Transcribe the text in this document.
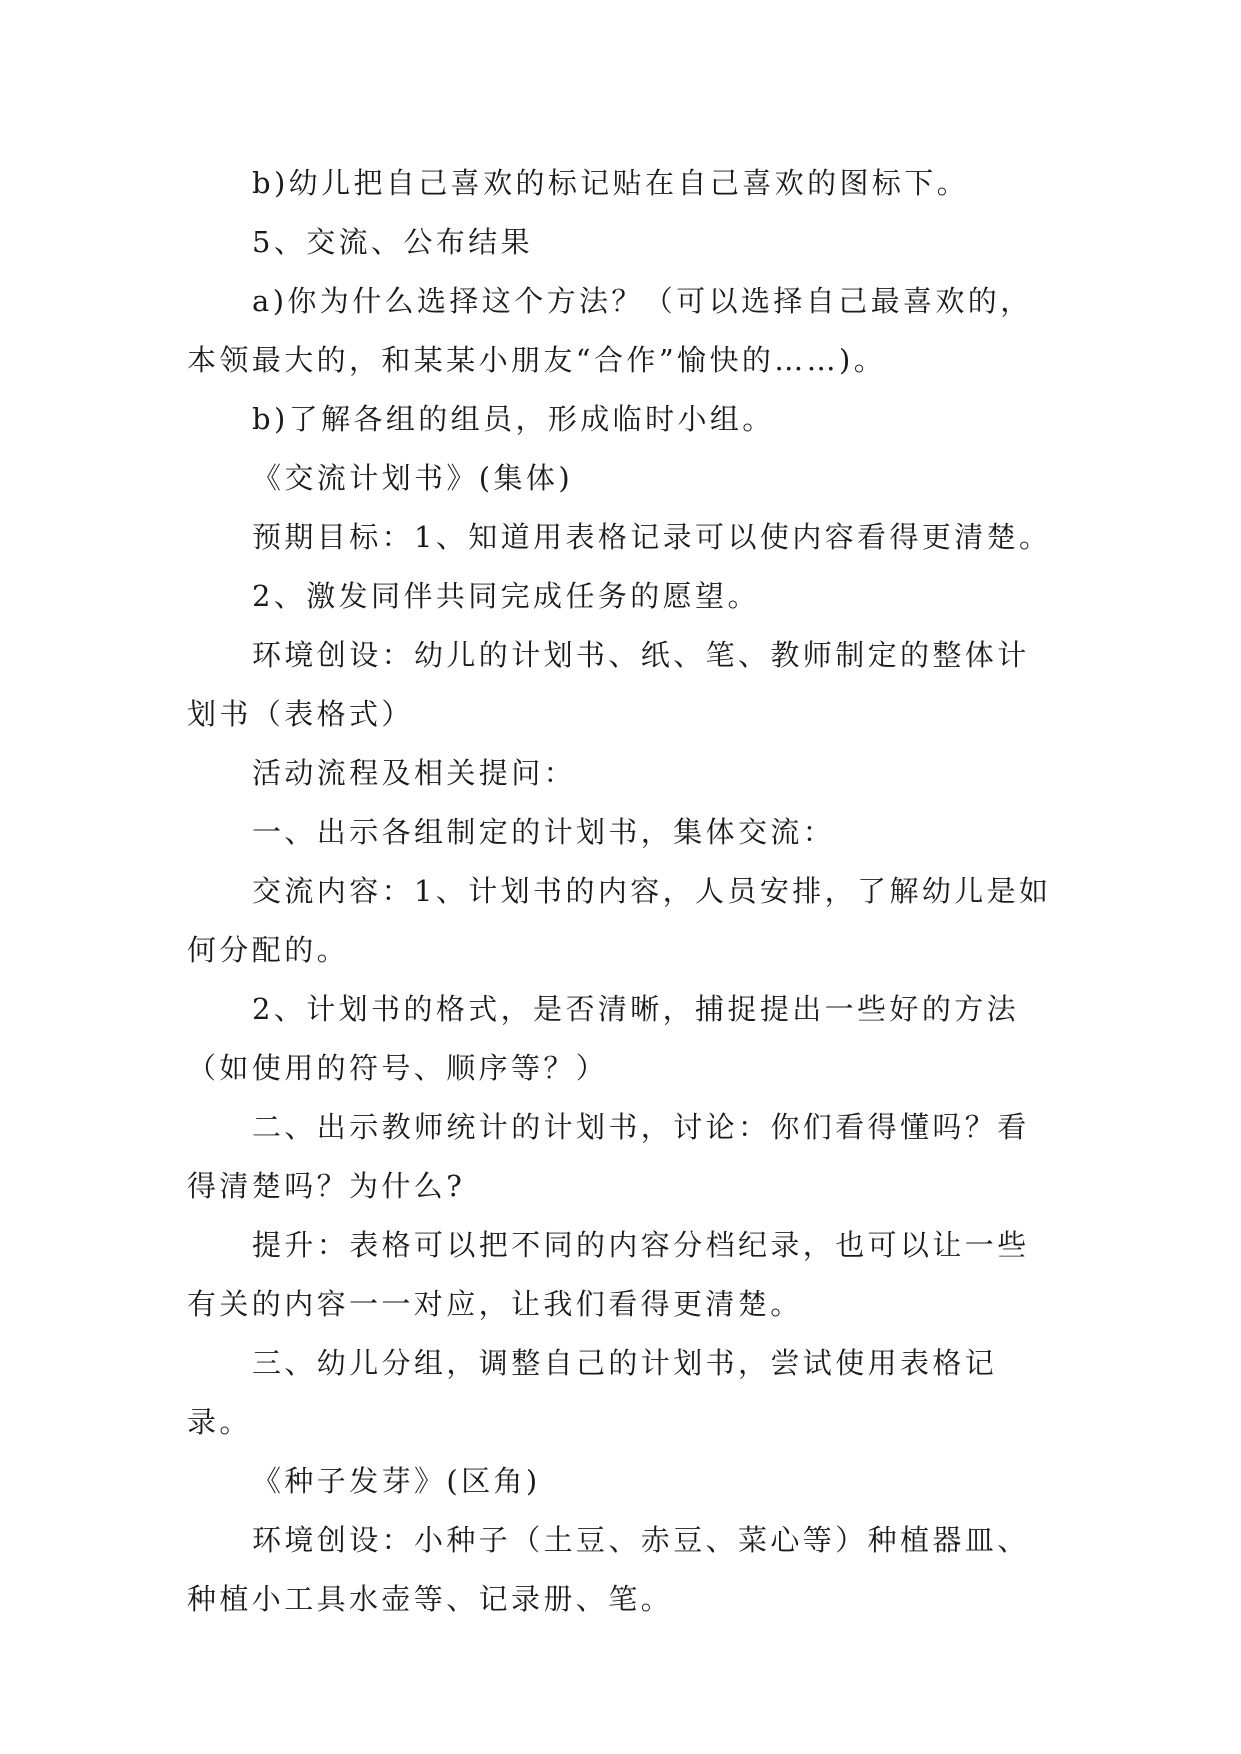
b)幼儿把自己喜欢的标记贴在自己喜欢的图标下。

5、交流、公布结果

a)你为什么选择这个方法？（可以选择自己最喜欢的，本领最大的，和某某小朋友“合作”愉快的……)。

b)了解各组的组员，形成临时小组。

《交流计划书》(集体)

预期目标：1、知道用表格记录可以使内容看得更清楚。

2、激发同伴共同完成任务的愿望。

环境创设：幼儿的计划书、纸、笔、教师制定的整体计划书（表格式）

活动流程及相关提问：

一、出示各组制定的计划书，集体交流：

交流内容：1、计划书的内容，人员安排，了解幼儿是如何分配的。

2、计划书的格式，是否清晰，捕捉提出一些好的方法（如使用的符号、顺序等？）

二、出示教师统计的计划书，讨论：你们看得懂吗？看得清楚吗？为什么?

提升：表格可以把不同的内容分档纪录，也可以让一些有关的内容一一对应，让我们看得更清楚。

三、幼儿分组，调整自己的计划书，尝试使用表格记录。

《种子发芽》(区角)

环境创设：小种子（土豆、赤豆、菜心等）种植器皿、种植小工具水壶等、记录册、笔。
